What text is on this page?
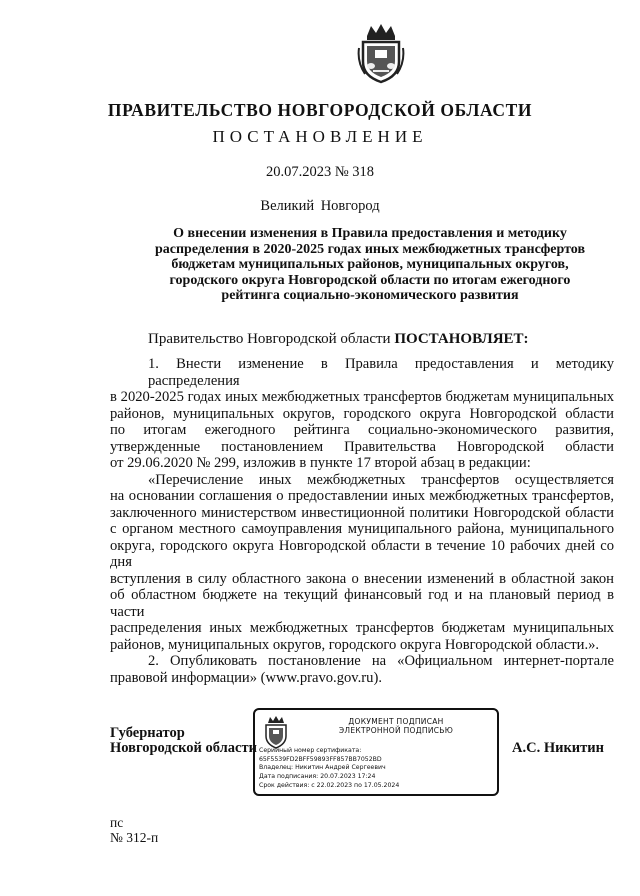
ПРАВИТЕЛЬСТВО НОВГОРОДСКОЙ ОБЛАСТИ
ПОСТАНОВЛЕНИЕ
20.07.2023 № 318
Великий Новгород
О внесении изменения в Правила предоставления и методику
распределения в 2020-2025 годах иных межбюджетных трансфертов
бюджетам муниципальных районов, муниципальных округов,
городского округа Новгородской области по итогам ежегодного
рейтинга социально-экономического развития
Правительство Новгородской области ПОСТАНОВЛЯЕТ:
1. Внести изменение в Правила предоставления и методику распределения
в 2020-2025 годах иных межбюджетных трансфертов бюджетам муниципальных
районов, муниципальных округов, городского округа Новгородской области
по итогам ежегодного рейтинга социально-экономического развития,
утвержденные постановлением Правительства Новгородской области
от 29.06.2020 № 299, изложив в пункте 17 второй абзац в редакции:
«Перечисление иных межбюджетных трансфертов осуществляется
на основании соглашения о предоставлении иных межбюджетных трансфертов,
заключенного министерством инвестиционной политики Новгородской области
с органом местного самоуправления муниципального района, муниципального
округа, городского округа Новгородской области в течение 10 рабочих дней со дня
вступления в силу областного закона о внесении изменений в областной закон
об областном бюджете на текущий финансовый год и на плановый период в части
распределения иных межбюджетных трансфертов бюджетам муниципальных
районов, муниципальных округов, городского округа Новгородской области.».
2. Опубликовать постановление на «Официальном интернет-портале
правовой информации» (www.pravo.gov.ru).
Губернатор
Новгородской области
ДОКУМЕНТ ПОДПИСАН
ЭЛЕКТРОННОЙ ПОДПИСЬЮ
Серийный номер сертификата:
65F5539FD2BFF59893FF857BB7052BD
Владелец: Никитин Андрей Сергеевич
Дата подписания: 20.07.2023 17:24
Срок действия: с 22.02.2023 по 17.05.2024
А.С. Никитин
пс
№ 312-п
